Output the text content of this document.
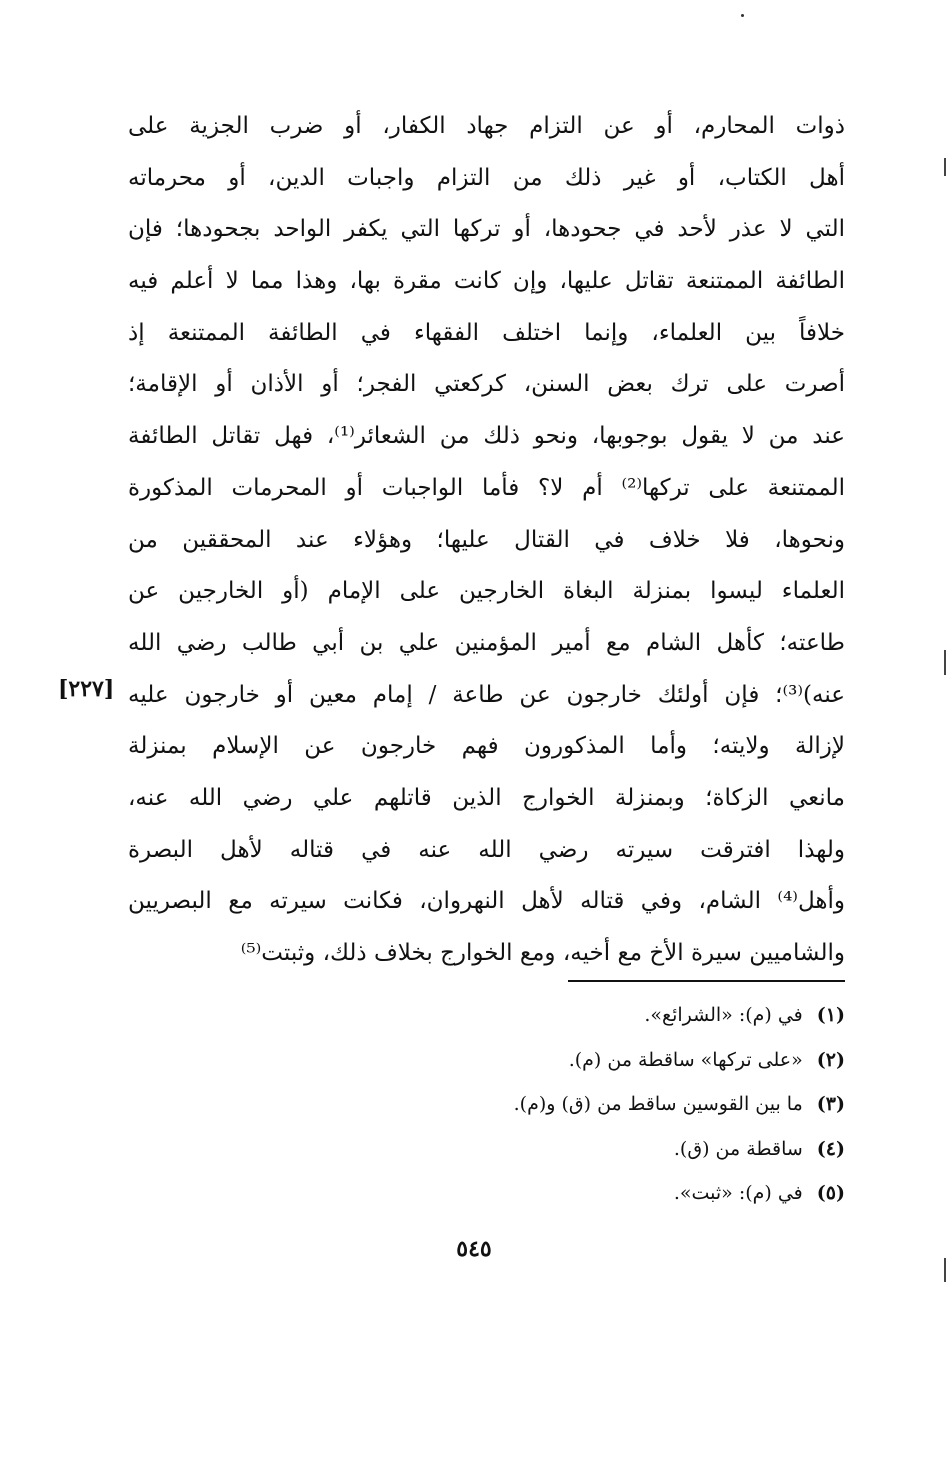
ذوات المحارم، أو عن التزام جهاد الكفار، أو ضرب الجزية على
أهل الكتاب، أو غير ذلك من التزام واجبات الدين، أو محرماته
التي لا عذر لأحد في جحودها، أو تركها التي يكفر الواحد بجحودها؛ فإن
الطائفة الممتنعة تقاتل عليها، وإن كانت مقرة بها، وهذا مما لا أعلم فيه
خلافاً بين العلماء، وإنما اختلف الفقهاء في الطائفة الممتنعة إذ
أصرت على ترك بعض السنن، كركعتي الفجر؛ أو الأذان أو الإقامة؛
عند من لا يقول بوجوبها، ونحو ذلك من الشعائر⁽¹⁾، فهل تقاتل الطائفة
الممتنعة على تركها⁽²⁾ أم لا؟ فأما الواجبات أو المحرمات المذكورة
ونحوها، فلا خلاف في القتال عليها؛ وهؤلاء عند المحققين من
العلماء ليسوا بمنزلة البغاة الخارجين على الإمام (أو الخارجين عن
طاعته؛ كأهل الشام مع أمير المؤمنين علي بن أبي طالب رضي الله
عنه)⁽³⁾؛ فإن أولئك خارجون عن طاعة / إمام معين أو خارجون عليه
لإزالة ولايته؛ وأما المذكورون فهم خارجون عن الإسلام بمنزلة
مانعي الزكاة؛ وبمنزلة الخوارج الذين قاتلهم علي رضي الله عنه،
ولهذا افترقت سيرته رضي الله عنه في قتاله لأهل البصرة
وأهل⁽⁴⁾ الشام، وفي قتاله لأهل النهروان، فكانت سيرته مع البصريين
والشاميين سيرة الأخ مع أخيه، ومع الخوارج بخلاف ذلك، وثبتت⁽⁵⁾
[٢٢٧]
(١)في (م): «الشرائع».
(٢)«على تركها» ساقطة من (م).
(٣)ما بين القوسين ساقط من (ق) و(م).
(٤)ساقطة من (ق).
(٥)في (م): «ثبت».
٥٤٥
